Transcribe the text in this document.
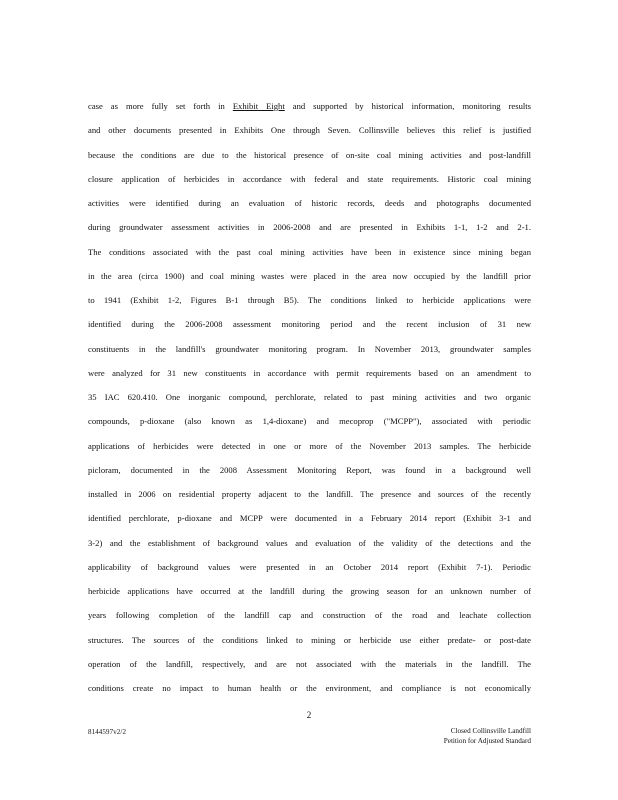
case as more fully set forth in Exhibit Eight and supported by historical information, monitoring results
and other documents presented in Exhibits One through Seven. Collinsville believes this relief is justified
because the conditions are due to the historical presence of on-site coal mining activities and post-landfill
closure application of herbicides in accordance with federal and state requirements. Historic coal mining
activities were identified during an evaluation of historic records, deeds and photographs documented
during groundwater assessment activities in 2006-2008 and are presented in Exhibits 1-1, 1-2 and 2-1.
The conditions associated with the past coal mining activities have been in existence since mining began
in the area (circa 1900) and coal mining wastes were placed in the area now occupied by the landfill prior
to 1941 (Exhibit 1-2, Figures B-1 through B5). The conditions linked to herbicide applications were
identified during the 2006-2008 assessment monitoring period and the recent inclusion of 31 new
constituents in the landfill's groundwater monitoring program. In November 2013, groundwater samples
were analyzed for 31 new constituents in accordance with permit requirements based on an amendment to
35 IAC 620.410. One inorganic compound, perchlorate, related to past mining activities and two organic
compounds, p-dioxane (also known as 1,4-dioxane) and mecoprop ("MCPP"), associated with periodic
applications of herbicides were detected in one or more of the November 2013 samples. The herbicide
picloram, documented in the 2008 Assessment Monitoring Report, was found in a background well
installed in 2006 on residential property adjacent to the landfill. The presence and sources of the recently
identified perchlorate, p-dioxane and MCPP were documented in a February 2014 report (Exhibit 3-1 and
3-2) and the establishment of background values and evaluation of the validity of the detections and the
applicability of background values were presented in an October 2014 report (Exhibit 7-1). Periodic
herbicide applications have occurred at the landfill during the growing season for an unknown number of
years following completion of the landfill cap and construction of the road and leachate collection
structures. The sources of the conditions linked to mining or herbicide use either predate- or post-date
operation of the landfill, respectively, and are not associated with the materials in the landfill. The
conditions create no impact to human health or the environment, and compliance is not economically
2
8144597v2/2	Closed Collinsville Landfill
Petition for Adjusted Standard
